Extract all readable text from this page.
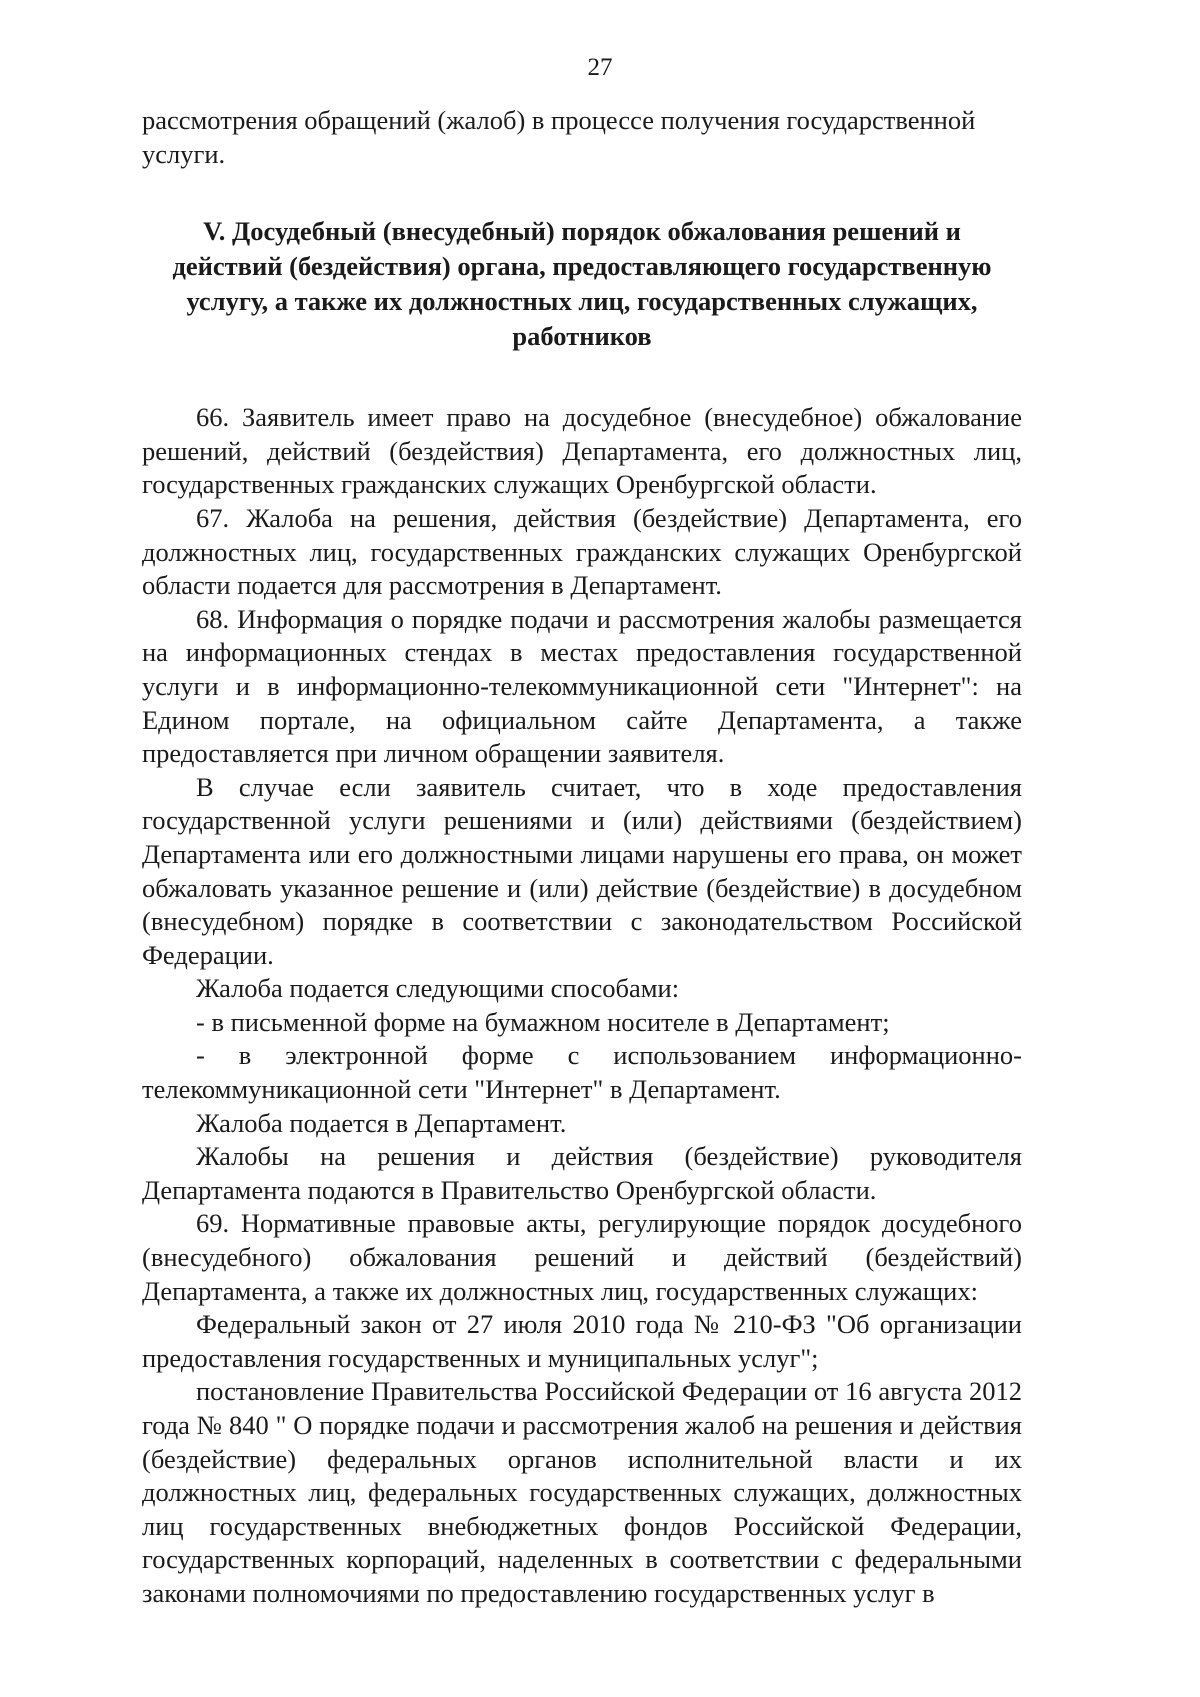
27

рассмотрения обращений (жалоб) в процессе получения государственной

услуги.

V. Досудебный (внесудебный) порядок обжалования решений и
действий (бездействия) органа, предоставляющего государственную
услугу, а также их должностных лиц, государственных служащих,
работников

66. Заявитель имеет право на досудебное (внесудебное) обжалование решений, действий (бездействия) Департамента, его должностных лиц, государственных гражданских служащих Оренбургской области.

67. Жалоба на решения, действия (бездействие) Департамента, его должностных лиц, государственных гражданских служащих Оренбургской области подается для рассмотрения в Департамент.

68. Информация о порядке подачи и рассмотрения жалобы размещается на информационных стендах в местах предоставления государственной услуги и в информационно-телекоммуникационной сети "Интернет": на Едином портале, на официальном сайте Департамента, а также предоставляется при личном обращении заявителя.

В случае если заявитель считает, что в ходе предоставления государственной услуги решениями и (или) действиями (бездействием) Департамента или его должностными лицами нарушены его права, он может обжаловать указанное решение и (или) действие (бездействие) в досудебном (внесудебном) порядке в соответствии с законодательством Российской Федерации.

Жалоба подается следующими способами:

- в письменной форме на бумажном носителе в Департамент;

- в электронной форме с использованием информационно-телекоммуникационной сети "Интернет" в Департамент.

Жалоба подается в Департамент.

Жалобы на решения и действия (бездействие) руководителя Департамента подаются в Правительство Оренбургской области.

69. Нормативные правовые акты, регулирующие порядок досудебного (внесудебного) обжалования решений и действий (бездействий) Департамента, а также их должностных лиц, государственных служащих:

Федеральный закон от 27 июля 2010 года № 210-ФЗ "Об организации предоставления государственных и муниципальных услуг";

постановление Правительства Российской Федерации от 16 августа 2012 года № 840 " О порядке подачи и рассмотрения жалоб на решения и действия (бездействие) федеральных органов исполнительной власти и их должностных лиц, федеральных государственных служащих, должностных лиц государственных внебюджетных фондов Российской Федерации, государственных корпораций, наделенных в соответствии с федеральными законами полномочиями по предоставлению государственных услуг в
